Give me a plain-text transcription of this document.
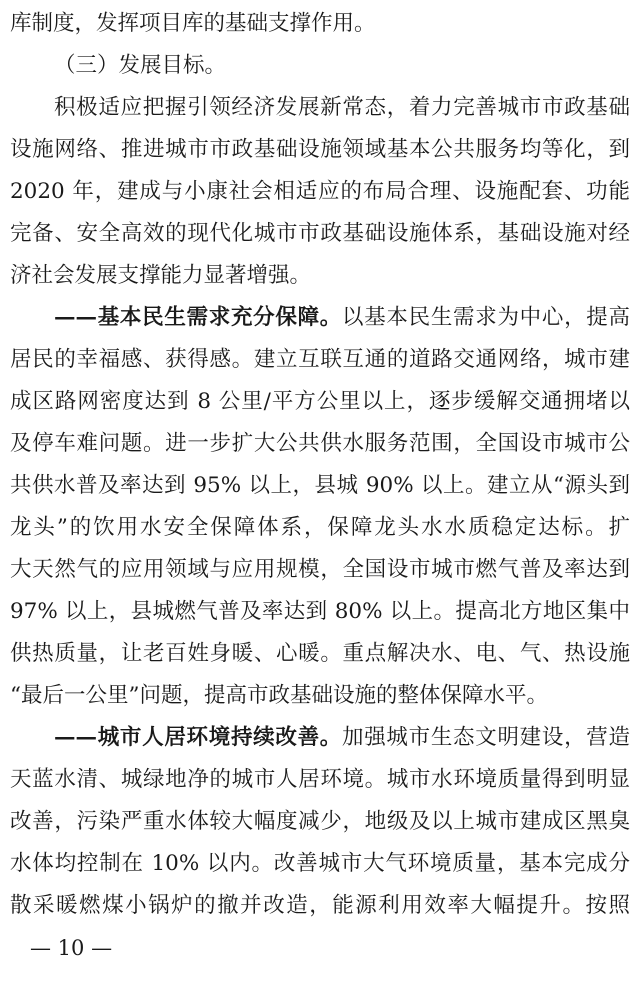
库制度，发挥项目库的基础支撑作用。
（三）发展目标。
积极适应把握引领经济发展新常态，着力完善城市市政基础
设施网络、推进城市市政基础设施领域基本公共服务均等化，到
2020 年，建成与小康社会相适应的布局合理、设施配套、功能
完备、安全高效的现代化城市市政基础设施体系，基础设施对经
济社会发展支撑能力显著增强。
——基本民生需求充分保障。以基本民生需求为中心，提高
居民的幸福感、获得感。建立互联互通的道路交通网络，城市建
成区路网密度达到 8 公里/平方公里以上，逐步缓解交通拥堵以
及停车难问题。进一步扩大公共供水服务范围，全国设市城市公
共供水普及率达到 95% 以上，县城 90% 以上。建立从“源头到
龙头”的饮用水安全保障体系，保障龙头水水质稳定达标。扩
大天然气的应用领域与应用规模，全国设市城市燃气普及率达到
97% 以上，县城燃气普及率达到 80% 以上。提高北方地区集中
供热质量，让老百姓身暖、心暖。重点解决水、电、气、热设施
“最后一公里”问题，提高市政基础设施的整体保障水平。
——城市人居环境持续改善。加强城市生态文明建设，营造
天蓝水清、城绿地净的城市人居环境。城市水环境质量得到明显
改善，污染严重水体较大幅度减少，地级及以上城市建成区黑臭
水体均控制在 10% 以内。改善城市大气环境质量，基本完成分
散采暖燃煤小锅炉的撤并改造，能源利用效率大幅提升。按照
— 10 —
